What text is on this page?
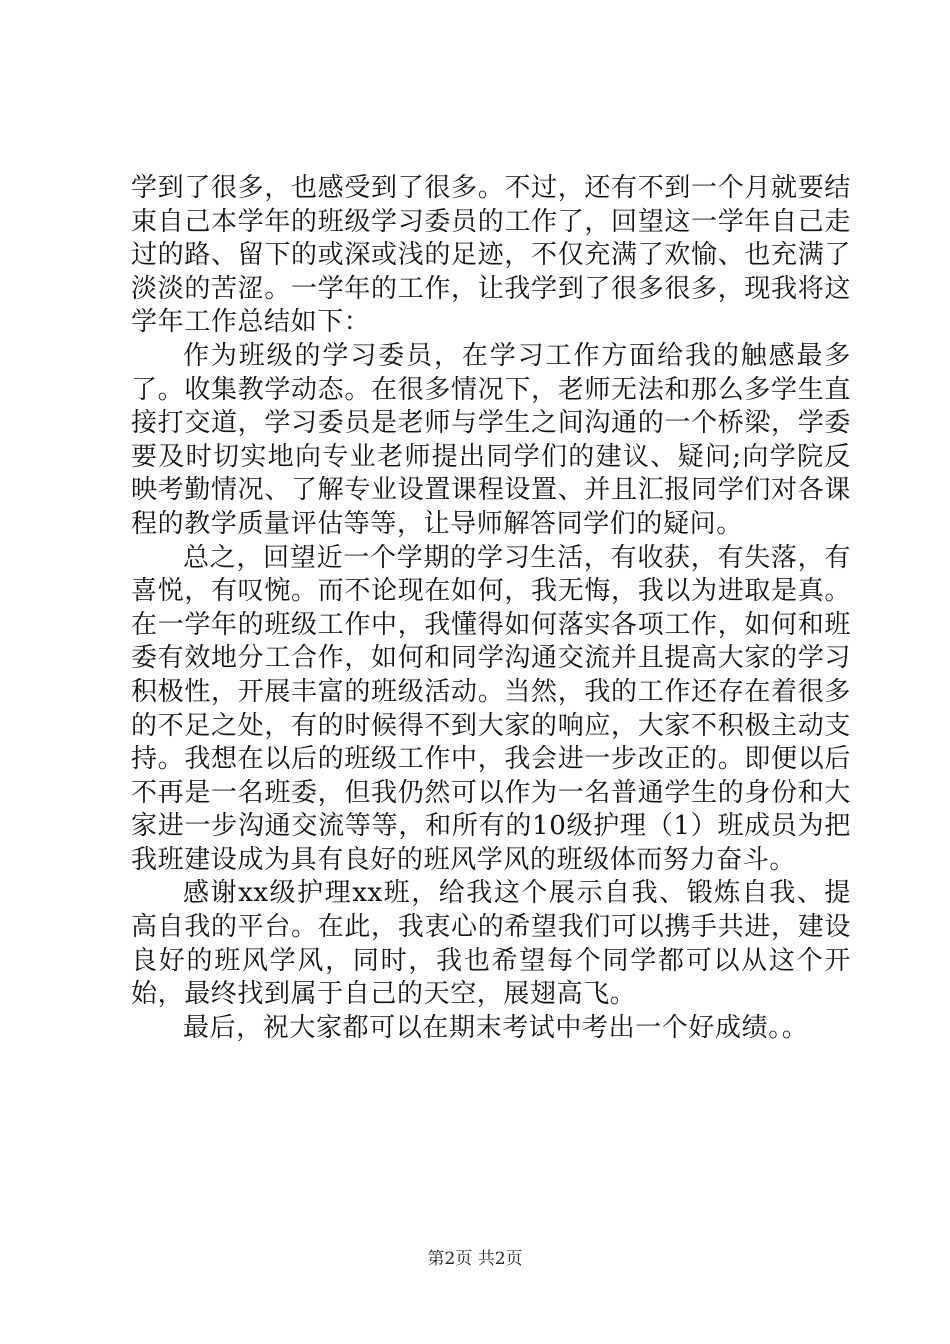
学到了很多，也感受到了很多。不过，还有不到一个月就要结束自己本学年的班级学习委员的工作了，回望这一学年自己走过的路、留下的或深或浅的足迹，不仅充满了欢愉、也充满了淡淡的苦涩。一学年的工作，让我学到了很多很多，现我将这学年工作总结如下：

作为班级的学习委员，在学习工作方面给我的触感最多了。收集教学动态。在很多情况下，老师无法和那么多学生直接打交道，学习委员是老师与学生之间沟通的一个桥梁，学委要及时切实地向专业老师提出同学们的建议、疑问;向学院反映考勤情况、了解专业设置课程设置、并且汇报同学们对各课程的教学质量评估等等，让导师解答同学们的疑问。

总之，回望近一个学期的学习生活，有收获，有失落，有喜悦，有叹惋。而不论现在如何，我无悔，我以为进取是真。在一学年的班级工作中，我懂得如何落实各项工作，如何和班委有效地分工合作，如何和同学沟通交流并且提高大家的学习积极性，开展丰富的班级活动。当然，我的工作还存在着很多的不足之处，有的时候得不到大家的响应，大家不积极主动支持。我想在以后的班级工作中，我会进一步改正的。即便以后不再是一名班委，但我仍然可以作为一名普通学生的身份和大家进一步沟通交流等等，和所有的10级护理（1）班成员为把我班建设成为具有良好的班风学风的班级体而努力奋斗。

感谢xx级护理xx班，给我这个展示自我、锻炼自我、提高自我的平台。在此，我衷心的希望我们可以携手共进，建设良好的班风学风，同时，我也希望每个同学都可以从这个开始，最终找到属于自己的天空，展翅高飞。

最后，祝大家都可以在期末考试中考出一个好成绩。。

第2页 共2页
